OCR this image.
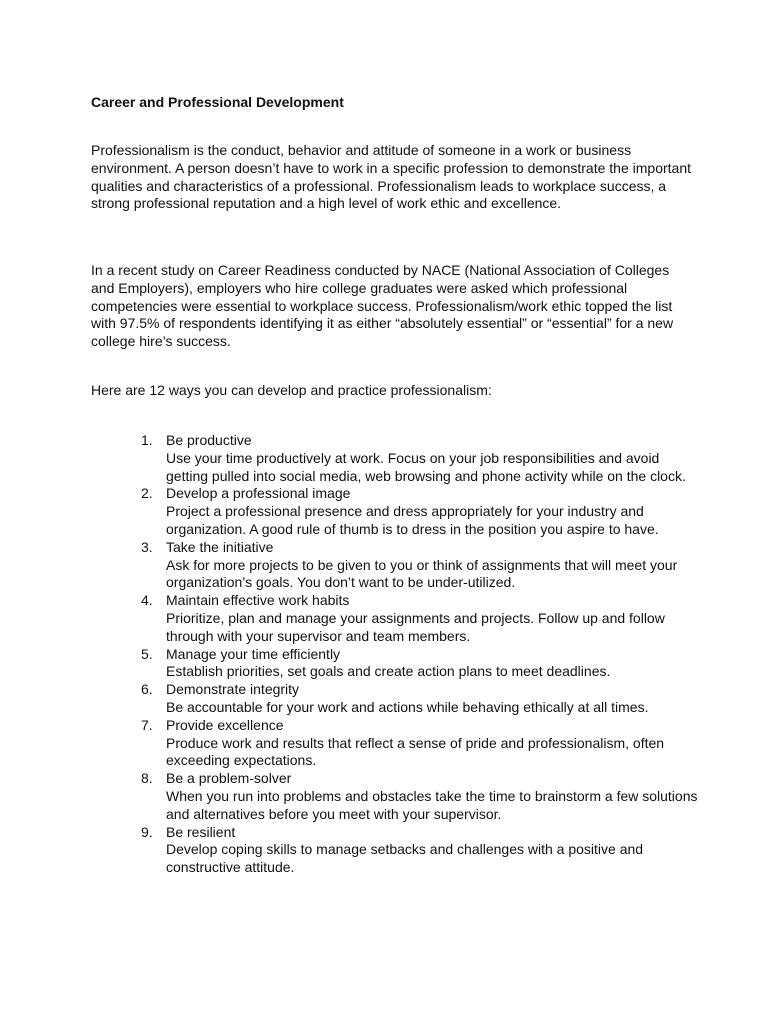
Career and Professional Development

Professionalism is the conduct, behavior and attitude of someone in a work or business environment. A person doesn’t have to work in a specific profession to demonstrate the important qualities and characteristics of a professional. Professionalism leads to workplace success, a strong professional reputation and a high level of work ethic and excellence.

In a recent study on Career Readiness conducted by NACE (National Association of Colleges and Employers), employers who hire college graduates were asked which professional competencies were essential to workplace success. Professionalism/work ethic topped the list with 97.5% of respondents identifying it as either “absolutely essential” or “essential” for a new college hire’s success.

Here are 12 ways you can develop and practice professionalism:

1. Be productive
Use your time productively at work. Focus on your job responsibilities and avoid getting pulled into social media, web browsing and phone activity while on the clock.
2. Develop a professional image
Project a professional presence and dress appropriately for your industry and organization. A good rule of thumb is to dress in the position you aspire to have.
3. Take the initiative
Ask for more projects to be given to you or think of assignments that will meet your organization’s goals. You don’t want to be under-utilized.
4. Maintain effective work habits
Prioritize, plan and manage your assignments and projects. Follow up and follow through with your supervisor and team members.
5. Manage your time efficiently
Establish priorities, set goals and create action plans to meet deadlines.
6. Demonstrate integrity
Be accountable for your work and actions while behaving ethically at all times.
7. Provide excellence
Produce work and results that reflect a sense of pride and professionalism, often exceeding expectations.
8. Be a problem-solver
When you run into problems and obstacles take the time to brainstorm a few solutions and alternatives before you meet with your supervisor.
9. Be resilient
Develop coping skills to manage setbacks and challenges with a positive and constructive attitude.
